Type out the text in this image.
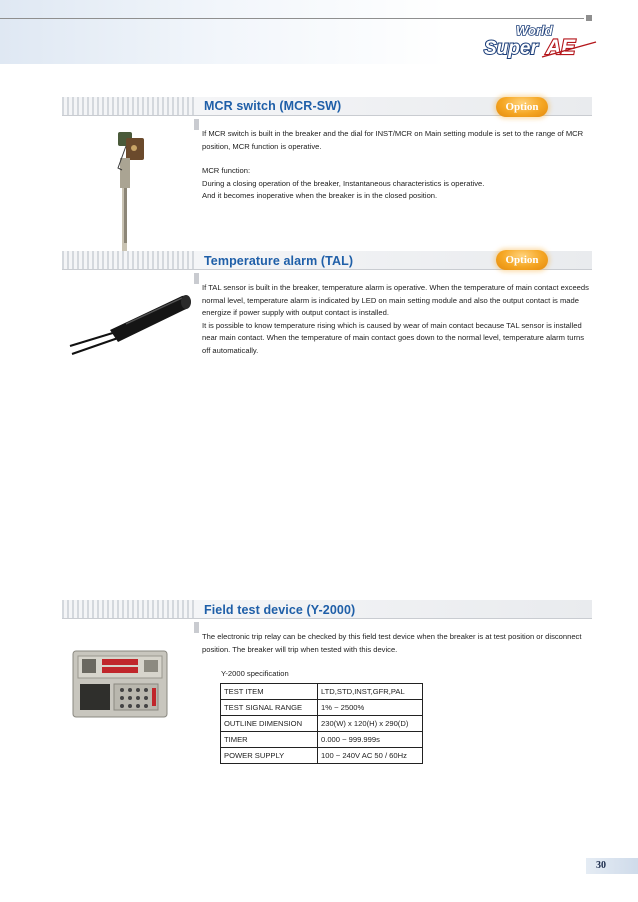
World
Super AE
MCR switch (MCR-SW)	Option

If MCR switch is built in the breaker and the dial for INST/MCR on Main setting module is set to the range of MCR position, MCR function is operative.

MCR function:

During a closing operation of the breaker, Instantaneous characteristics is operative.

And it becomes inoperative when the breaker is in the closed position.

Temperature alarm (TAL)	Option

If TAL sensor is built in the breaker, temperature alarm is operative. When the temperature of main contact exceeds normal level, temperature alarm is indicated by LED on main setting module and also the output contact is made energize if power supply with output contact is installed.

It is possible to know temperature rising which is caused by wear of main contact because TAL sensor is installed near main contact. When the temperature of main contact goes down to the normal level, temperature alarm turns off automatically.

Field test device (Y-2000)

The electronic trip relay can be checked by this field test device when the breaker is at test position or disconnect position. The breaker will trip when tested with this device.

Y-2000 specification
TEST ITEM	LTD,STD,INST,GFR,PAL
TEST SIGNAL RANGE	1% ~ 2500%
OUTLINE DIMENSION	230(W) x 120(H) x 290(D)
TIMER	0.000 ~ 999.999s
POWER SUPPLY	100 ~ 240V AC 50 / 60Hz
30
